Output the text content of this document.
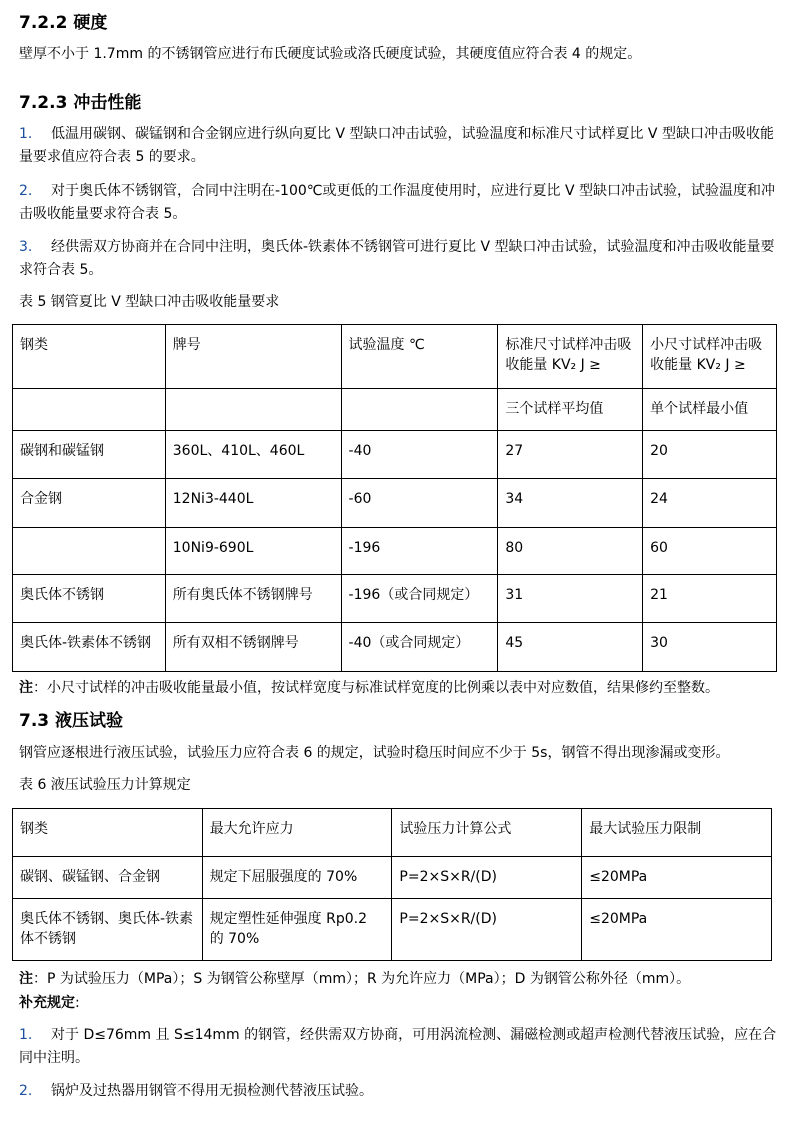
7.2.2 硬度

壁厚不小于 1.7mm 的不锈钢管应进行布氏硬度试验或洛氏硬度试验，其硬度值应符合表 4 的规定。

7.2.3 冲击性能

1. 低温用碳钢、碳锰钢和合金钢应进行纵向夏比 V 型缺口冲击试验，试验温度和标准尺寸试样夏比 V 型缺口冲击吸收能量要求值应符合表 5 的要求。

2. 对于奥氏体不锈钢管，合同中注明在-100℃或更低的工作温度使用时，应进行夏比 V 型缺口冲击试验，试验温度和冲击吸收能量要求符合表 5。

3. 经供需双方协商并在合同中注明，奥氏体-铁素体不锈钢管可进行夏比 V 型缺口冲击试验，试验温度和冲击吸收能量要求符合表 5。

表 5 钢管夏比 V 型缺口冲击吸收能量要求

钢类	牌号	试验温度 ℃	标准尺寸试样冲击吸收能量 KV₂ J ≥	小尺寸试样冲击吸收能量 KV₂ J ≥
			三个试样平均值	单个试样最小值
碳钢和碳锰钢	360L、410L、460L	-40	27	20
合金钢	12Ni3-440L	-60	34	24
	10Ni9-690L	-196	80	60
奥氏体不锈钢	所有奥氏体不锈钢牌号	-196（或合同规定）	31	21
奥氏体-铁素体不锈钢	所有双相不锈钢牌号	-40（或合同规定）	45	30

注：小尺寸试样的冲击吸收能量最小值，按试样宽度与标准试样宽度的比例乘以表中对应数值，结果修约至整数。

7.3 液压试验

钢管应逐根进行液压试验，试验压力应符合表 6 的规定，试验时稳压时间应不少于 5s，钢管不得出现渗漏或变形。

表 6 液压试验压力计算规定

钢类	最大允许应力	试验压力计算公式	最大试验压力限制
碳钢、碳锰钢、合金钢	规定下屈服强度的 70%	P=2×S×R/(D)	≤20MPa
奥氏体不锈钢、奥氏体-铁素体不锈钢	规定塑性延伸强度 Rp0.2 的 70%	P=2×S×R/(D)	≤20MPa

注：P 为试验压力（MPa）；S 为钢管公称壁厚（mm）；R 为允许应力（MPa）；D 为钢管公称外径（mm）。

补充规定:

1. 对于 D≤76mm 且 S≤14mm 的钢管，经供需双方协商，可用涡流检测、漏磁检测或超声检测代替液压试验，应在合同中注明。

2. 锅炉及过热器用钢管不得用无损检测代替液压试验。
